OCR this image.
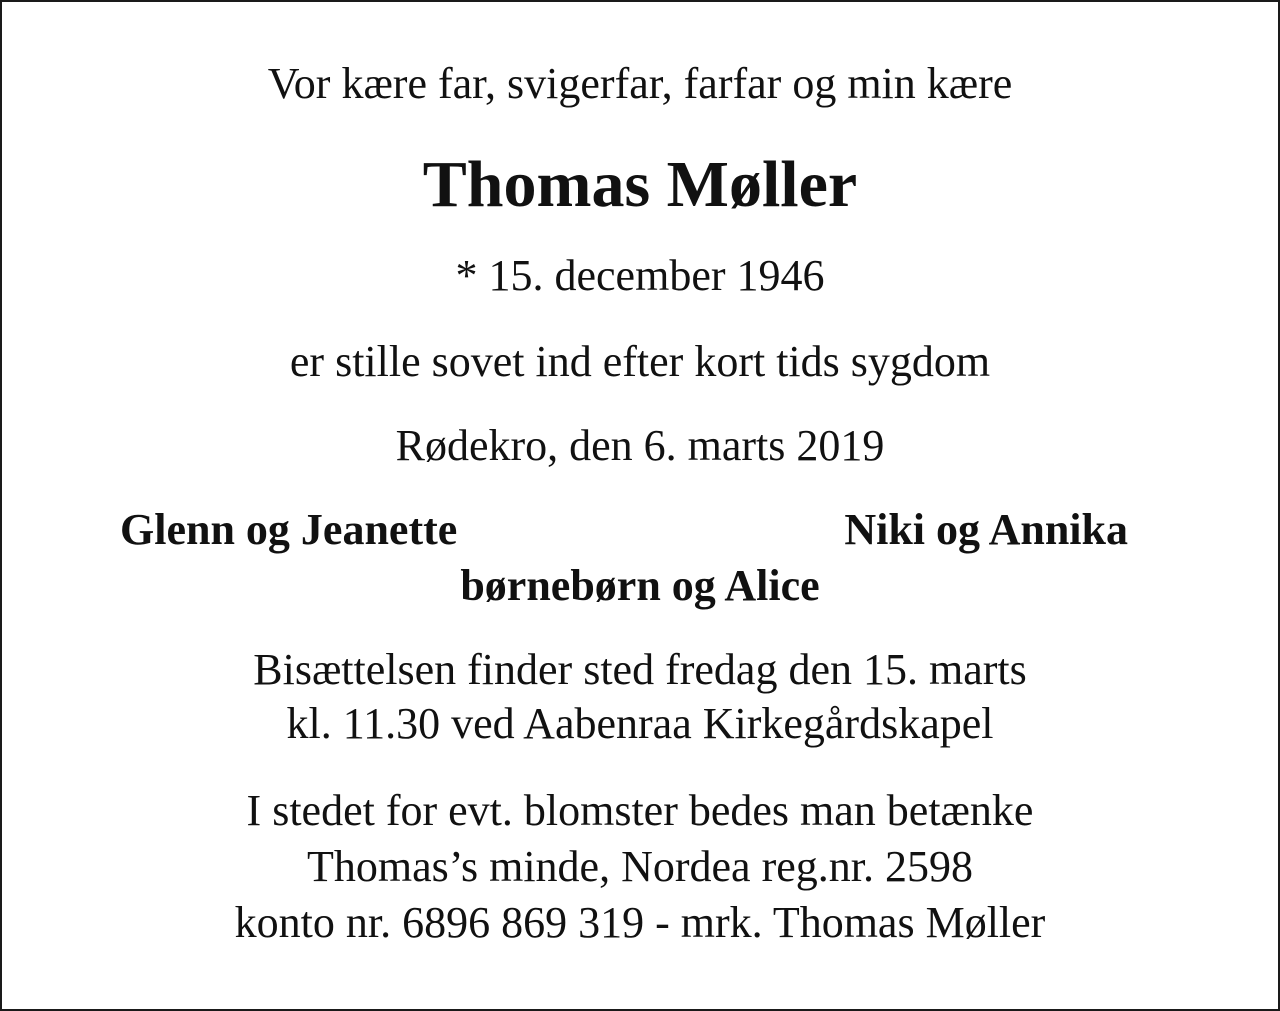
Vor kære far, svigerfar, farfar og min kære
Thomas Møller
* 15. december 1946
er stille sovet ind efter kort tids sygdom
Rødekro, den 6. marts 2019
Glenn og Jeanette	Niki og Annika
børnebørn og Alice
Bisættelsen finder sted fredag den 15. marts
kl. 11.30 ved Aabenraa Kirkegårdskapel
I stedet for evt. blomster bedes man betænke
Thomas’s minde, Nordea reg.nr. 2598
konto nr. 6896 869 319 - mrk. Thomas Møller
